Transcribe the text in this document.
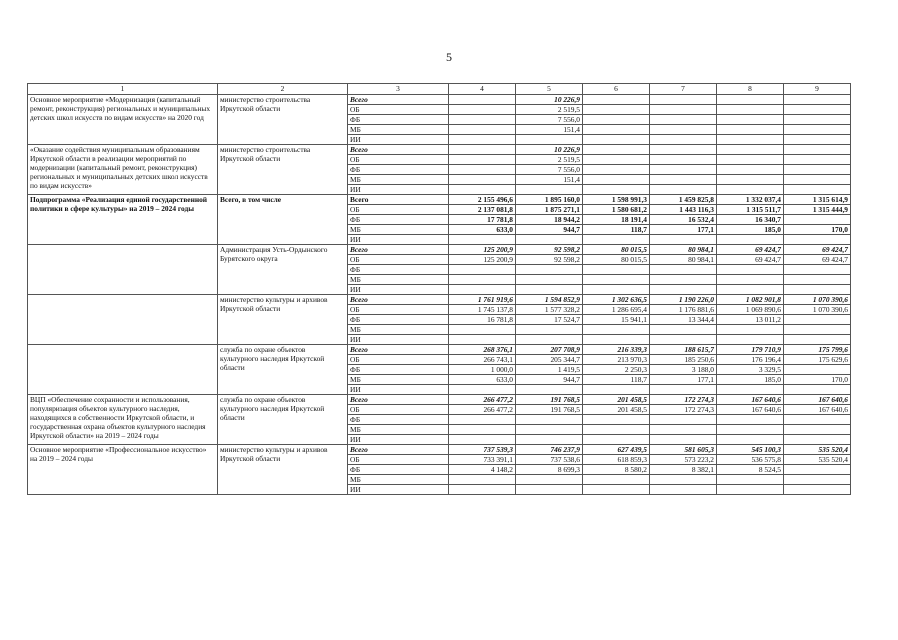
5
1	2	3	4	5	6	7	8	9
Основное мероприятие «Модернизация (капитальный ремонт, реконструкция) региональных и муниципальных детских школ искусств по видам искусств» на 2020 год	министерство строительства Иркутской области	Всего		10 226,9				
		ОБ		2 519,5				
		ФБ		7 556,0				
		МБ		151,4				
		ИИ						
«Оказание содействия муниципальным образованиям Иркутской области в реализации мероприятий по модернизации (капитальный ремонт, реконструкция) региональных и муниципальных детских школ искусств по видам искусств»	министерство строительства Иркутской области	Всего		10 226,9				
		ОБ		2 519,5				
		ФБ		7 556,0				
		МБ		151,4				
		ИИ						
Подпрограмма «Реализация единой государственной политики в сфере культуры» на 2019 – 2024 годы	Всего, в том числе	Всего	2 155 496,6	1 895 160,0	1 598 991,3	1 459 825,8	1 332 037,4	1 315 614,9
		ОБ	2 137 081,8	1 875 271,1	1 580 681,2	1 443 116,3	1 315 511,7	1 315 444,9
		ФБ	17 781,8	18 944,2	18 191,4	16 532,4	16 340,7	
		МБ	633,0	944,7	118,7	177,1	185,0	170,0
		ИИ						
	Администрация Усть-Ордынского Бурятского округа	Всего	125 200,9	92 598,2	80 015,5	80 984,1	69 424,7	69 424,7
		ОБ	125 200,9	92 598,2	80 015,5	80 984,1	69 424,7	69 424,7
		ФБ						
		МБ						
		ИИ						
	министерство культуры и архивов Иркутской области	Всего	1 761 919,6	1 594 852,9	1 302 636,5	1 190 226,0	1 082 901,8	1 070 390,6
		ОБ	1 745 137,8	1 577 328,2	1 286 695,4	1 176 881,6	1 069 890,6	1 070 390,6
		ФБ	16 781,8	17 524,7	15 941,1	13 344,4	13 011,2	
		МБ						
		ИИ						
	служба по охране объектов культурного наследия Иркутской области	Всего	268 376,1	207 708,9	216 339,3	188 615,7	179 710,9	175 799,6
		ОБ	266 743,1	205 344,7	213 970,3	185 250,6	176 196,4	175 629,6
		ФБ	1 000,0	1 419,5	2 250,3	3 188,0	3 329,5	
		МБ	633,0	944,7	118,7	177,1	185,0	170,0
		ИИ						
ВЦП «Обеспечение сохранности и использования, популяризация объектов культурного наследия, находящихся в собственности Иркутской области, и государственная охрана объектов культурного наследия Иркутской области» на 2019 – 2024 годы	служба по охране объектов культурного наследия Иркутской области	Всего	266 477,2	191 768,5	201 458,5	172 274,3	167 640,6	167 640,6
		ОБ	266 477,2	191 768,5	201 458,5	172 274,3	167 640,6	167 640,6
		ФБ						
		МБ						
		ИИ						
Основное мероприятие «Профессиональное искусство» на 2019 – 2024 годы	министерство культуры и архивов Иркутской области	Всего	737 539,3	746 237,9	627 439,5	581 605,3	545 100,3	535 520,4
		ОБ	733 391,1	737 538,6	618 859,3	573 223,2	536 575,8	535 520,4
		ФБ	4 148,2	8 699,3	8 580,2	8 382,1	8 524,5	
		МБ						
		ИИ						
